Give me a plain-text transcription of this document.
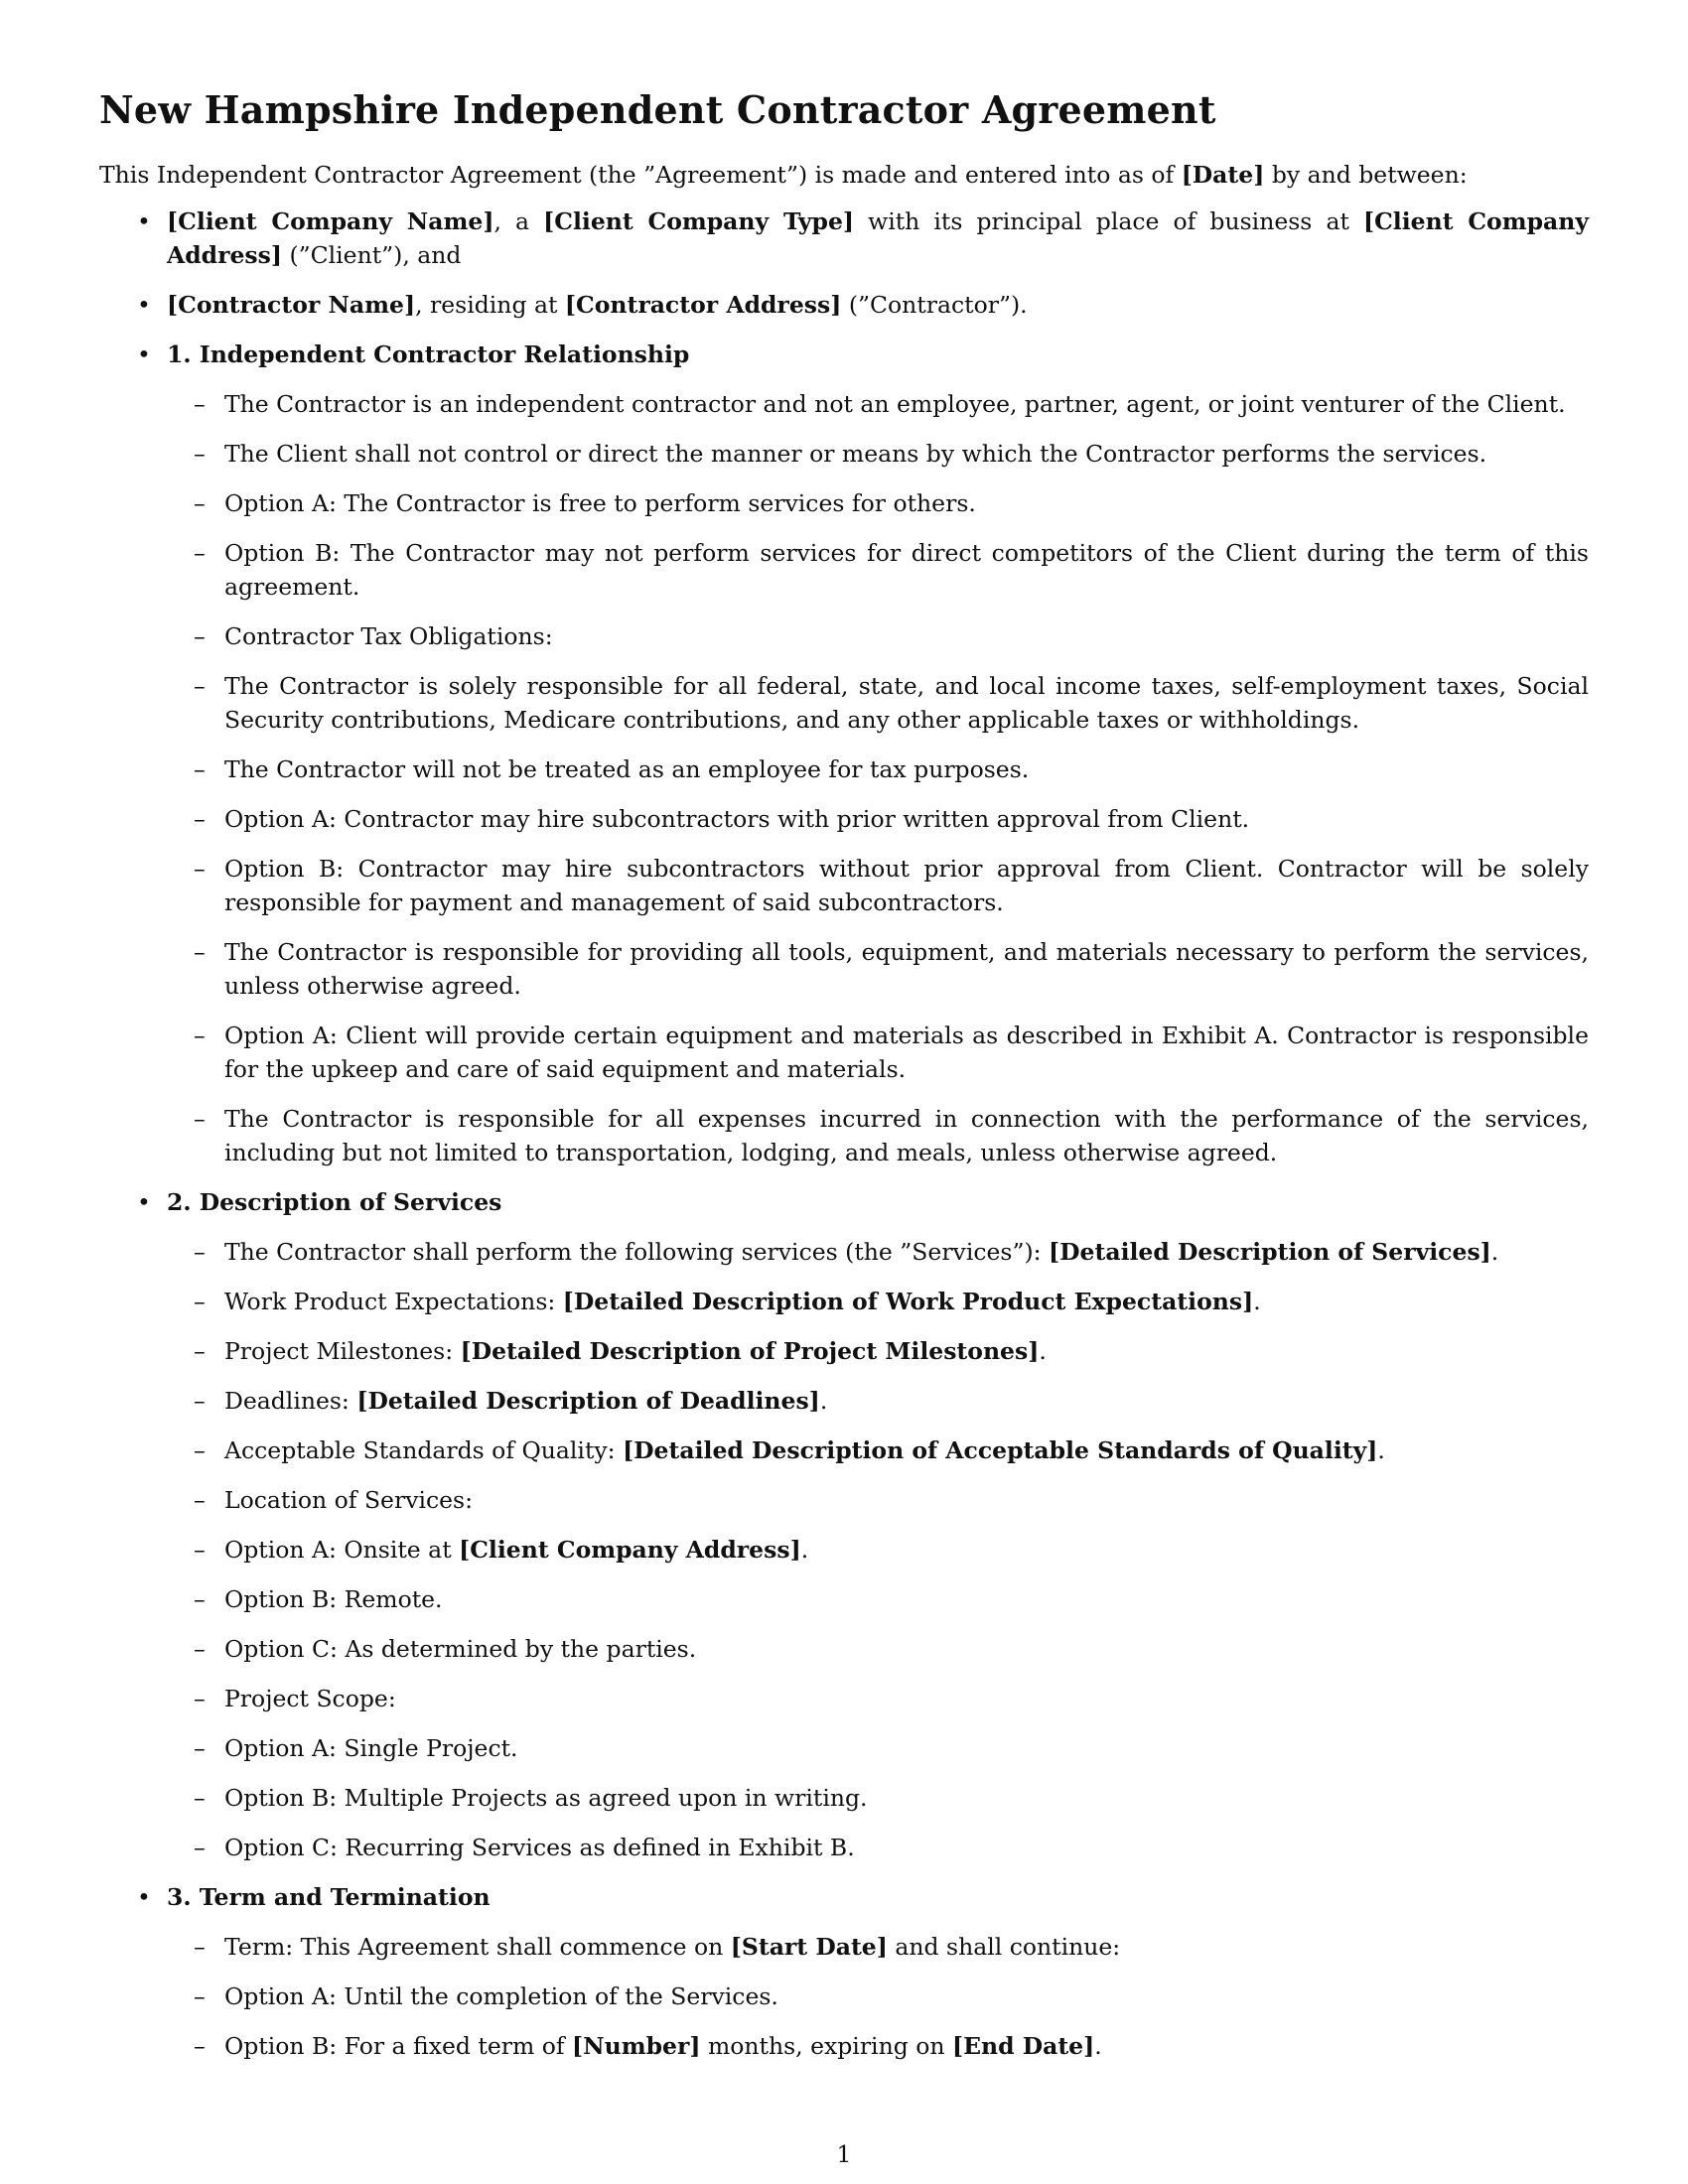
New Hampshire Independent Contractor Agreement

This Independent Contractor Agreement (the ”Agreement”) is made and entered into as of [Date] by and between:

• [Client Company Name], a [Client Company Type] with its principal place of business at [Client Company Address] (”Client”), and
• [Contractor Name], residing at [Contractor Address] (”Contractor”).
• 1. Independent Contractor Relationship
– The Contractor is an independent contractor and not an employee, partner, agent, or joint venturer of the Client.
– The Client shall not control or direct the manner or means by which the Contractor performs the services.
– Option A: The Contractor is free to perform services for others.
– Option B: The Contractor may not perform services for direct competitors of the Client during the term of this agreement.
– Contractor Tax Obligations:
– The Contractor is solely responsible for all federal, state, and local income taxes, self-employment taxes, Social Security contributions, Medicare contributions, and any other applicable taxes or withholdings.
– The Contractor will not be treated as an employee for tax purposes.
– Option A: Contractor may hire subcontractors with prior written approval from Client.
– Option B: Contractor may hire subcontractors without prior approval from Client. Contractor will be solely responsible for payment and management of said subcontractors.
– The Contractor is responsible for providing all tools, equipment, and materials necessary to perform the services, unless otherwise agreed.
– Option A: Client will provide certain equipment and materials as described in Exhibit A. Contractor is responsible for the upkeep and care of said equipment and materials.
– The Contractor is responsible for all expenses incurred in connection with the performance of the services, including but not limited to transportation, lodging, and meals, unless otherwise agreed.
• 2. Description of Services
– The Contractor shall perform the following services (the ”Services”): [Detailed Description of Services].
– Work Product Expectations: [Detailed Description of Work Product Expectations].
– Project Milestones: [Detailed Description of Project Milestones].
– Deadlines: [Detailed Description of Deadlines].
– Acceptable Standards of Quality: [Detailed Description of Acceptable Standards of Quality].
– Location of Services:
– Option A: Onsite at [Client Company Address].
– Option B: Remote.
– Option C: As determined by the parties.
– Project Scope:
– Option A: Single Project.
– Option B: Multiple Projects as agreed upon in writing.
– Option C: Recurring Services as defined in Exhibit B.
• 3. Term and Termination
– Term: This Agreement shall commence on [Start Date] and shall continue:
– Option A: Until the completion of the Services.
– Option B: For a fixed term of [Number] months, expiring on [End Date].
1
